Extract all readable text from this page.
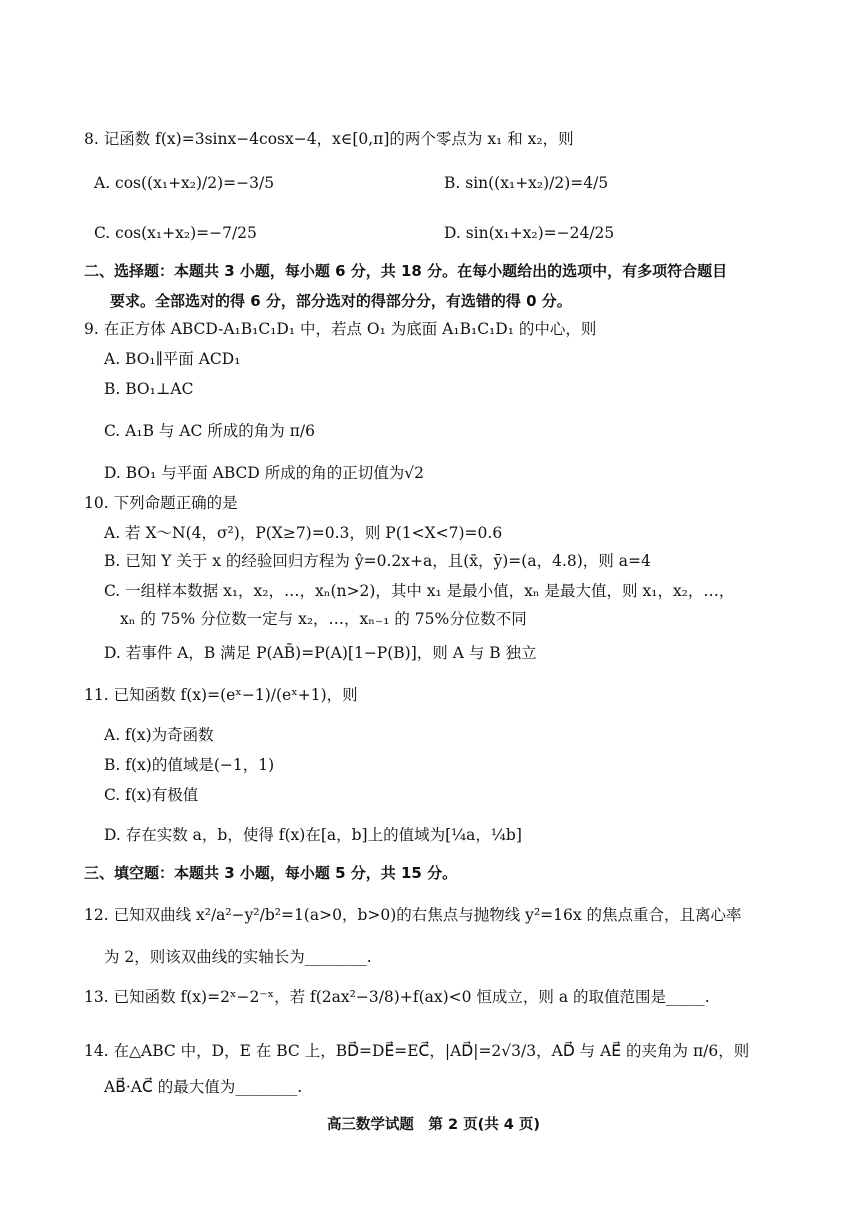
8. 记函数 f(x)=3sinx−4cosx−4，x∈[0,π]的两个零点为 x₁ 和 x₂，则
A. cos((x₁+x₂)/2)=−3/5	B. sin((x₁+x₂)/2)=4/5
C. cos(x₁+x₂)=−7/25	D. sin(x₁+x₂)=−24/25
二、选择题：本题共 3 小题，每小题 6 分，共 18 分。在每小题给出的选项中，有多项符合题目
要求。全部选对的得 6 分，部分选对的得部分分，有选错的得 0 分。
9. 在正方体 ABCD-A₁B₁C₁D₁ 中，若点 O₁ 为底面 A₁B₁C₁D₁ 的中心，则
A. BO₁∥平面 ACD₁
B. BO₁⊥AC
C. A₁B 与 AC 所成的角为 π/6
D. BO₁ 与平面 ABCD 所成的角的正切值为√2
10. 下列命题正确的是
A. 若 X～N(4，σ²)，P(X≥7)=0.3，则 P(1<X<7)=0.6
B. 已知 Y 关于 x 的经验回归方程为 ŷ=0.2x+a，且(x̄，ȳ)=(a，4.8)，则 a=4
C. 一组样本数据 x₁，x₂，…，xₙ(n>2)，其中 x₁ 是最小值，xₙ 是最大值，则 x₁，x₂，…，
xₙ 的 75% 分位数一定与 x₂，…，xₙ₋₁ 的 75%分位数不同
D. 若事件 A，B 满足 P(AB̄)=P(A)[1−P(B)]，则 A 与 B 独立
11. 已知函数 f(x)=(eˣ−1)/(eˣ+1)，则
A. f(x)为奇函数
B. f(x)的值域是(−1，1)
C. f(x)有极值
D. 存在实数 a，b，使得 f(x)在[a，b]上的值域为[¼a，¼b]
三、填空题：本题共 3 小题，每小题 5 分，共 15 分。
12. 已知双曲线 x²/a²−y²/b²=1(a>0，b>0)的右焦点与抛物线 y²=16x 的焦点重合，且离心率
为 2，则该双曲线的实轴长为________.
13. 已知函数 f(x)=2ˣ−2⁻ˣ，若 f(2ax²−3/8)+f(ax)<0 恒成立，则 a 的取值范围是_____.
14. 在△ABC 中，D，E 在 BC 上，BD⃗=DE⃗=EC⃗，|AD⃗|=2√3/3，AD⃗ 与 AE⃗ 的夹角为 π/6，则
AB⃗·AC⃗ 的最大值为________.
高三数学试题　第 2 页(共 4 页)
